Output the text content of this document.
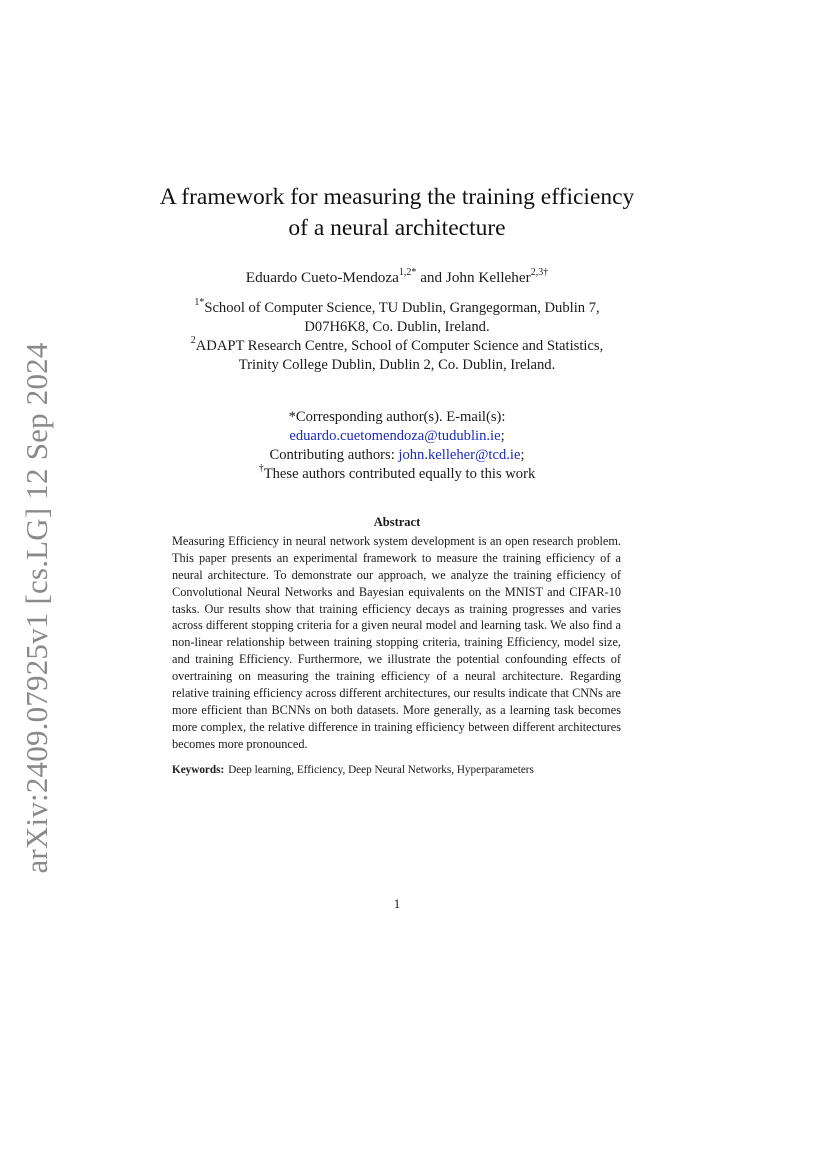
arXiv:2409.07925v1 [cs.LG] 12 Sep 2024
A framework for measuring the training efficiency
of a neural architecture
Eduardo Cueto-Mendoza$^{1,2*}$ and John Kelleher$^{2,3\dagger}$
$^{1*}$School of Computer Science, TU Dublin, Grangegorman, Dublin 7,
D07H6K8, Co. Dublin, Ireland.
$^2$ADAPT Research Centre, School of Computer Science and Statistics,
Trinity College Dublin, Dublin 2, Co. Dublin, Ireland.
*Corresponding author(s). E-mail(s):
eduardo.cuetomendoza@tudublin.ie;
Contributing authors: john.kelleher@tcd.ie;
†These authors contributed equally to this work
Abstract
Measuring Efficiency in neural network system development is an open research problem. This paper presents an experimental framework to measure the training efficiency of a neural architecture. To demonstrate our approach, we analyze the training efficiency of Convolutional Neural Networks and Bayesian equivalents on the MNIST and CIFAR-10 tasks. Our results show that training efficiency decays as training progresses and varies across different stopping criteria for a given neural model and learning task. We also find a non-linear relationship between training stopping criteria, training Efficiency, model size, and training Efficiency. Furthermore, we illustrate the potential confounding effects of overtraining on measuring the training efficiency of a neural architecture. Regarding relative training efficiency across different architectures, our results indicate that CNNs are more efficient than BCNNs on both datasets. More generally, as a learning task becomes more complex, the relative difference in training efficiency between different architectures becomes more pronounced.
Keywords: Deep learning, Efficiency, Deep Neural Networks, Hyperparameters
1
